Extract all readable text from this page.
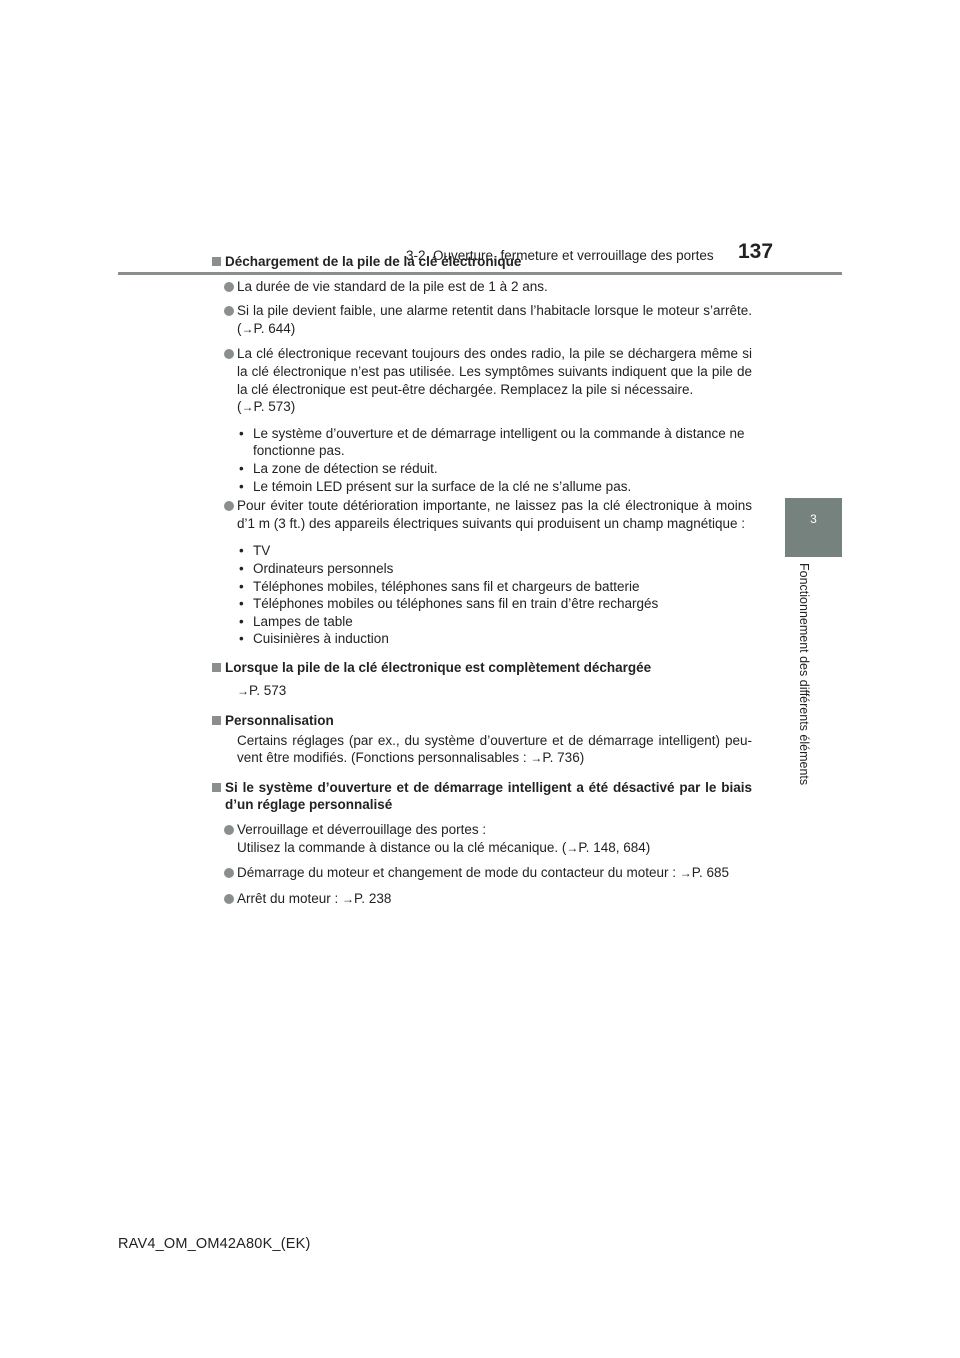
3-2. Ouverture, fermeture et verrouillage des portes 137
3
Fonctionnement des différents éléments
Déchargement de la pile de la clé électronique
La durée de vie standard de la pile est de 1 à 2 ans.
Si la pile devient faible, une alarme retentit dans l’habitacle lorsque le moteur s’arrête. (→P. 644)
La clé électronique recevant toujours des ondes radio, la pile se déchargera même si la clé électronique n’est pas utilisée. Les symptômes suivants indiquent que la pile de la clé électronique est peut-être déchargée. Remplacez la pile si nécessaire.
(→P. 573)
• Le système d’ouverture et de démarrage intelligent ou la commande à distance ne fonctionne pas.
• La zone de détection se réduit.
• Le témoin LED présent sur la surface de la clé ne s’allume pas.
Pour éviter toute détérioration importante, ne laissez pas la clé électronique à moins d’1 m (3 ft.) des appareils électriques suivants qui produisent un champ magnétique :
• TV
• Ordinateurs personnels
• Téléphones mobiles, téléphones sans fil et chargeurs de batterie
• Téléphones mobiles ou téléphones sans fil en train d’être rechargés
• Lampes de table
• Cuisinières à induction
Lorsque la pile de la clé électronique est complètement déchargée
→P. 573
Personnalisation
Certains réglages (par ex., du système d’ouverture et de démarrage intelligent) peu-vent être modifiés. (Fonctions personnalisables : →P. 736)
Si le système d’ouverture et de démarrage intelligent a été désactivé par le biais d’un réglage personnalisé
Verrouillage et déverrouillage des portes :
Utilisez la commande à distance ou la clé mécanique. (→P. 148, 684)
Démarrage du moteur et changement de mode du contacteur du moteur : →P. 685
Arrêt du moteur : →P. 238
RAV4_OM_OM42A80K_(EK)
